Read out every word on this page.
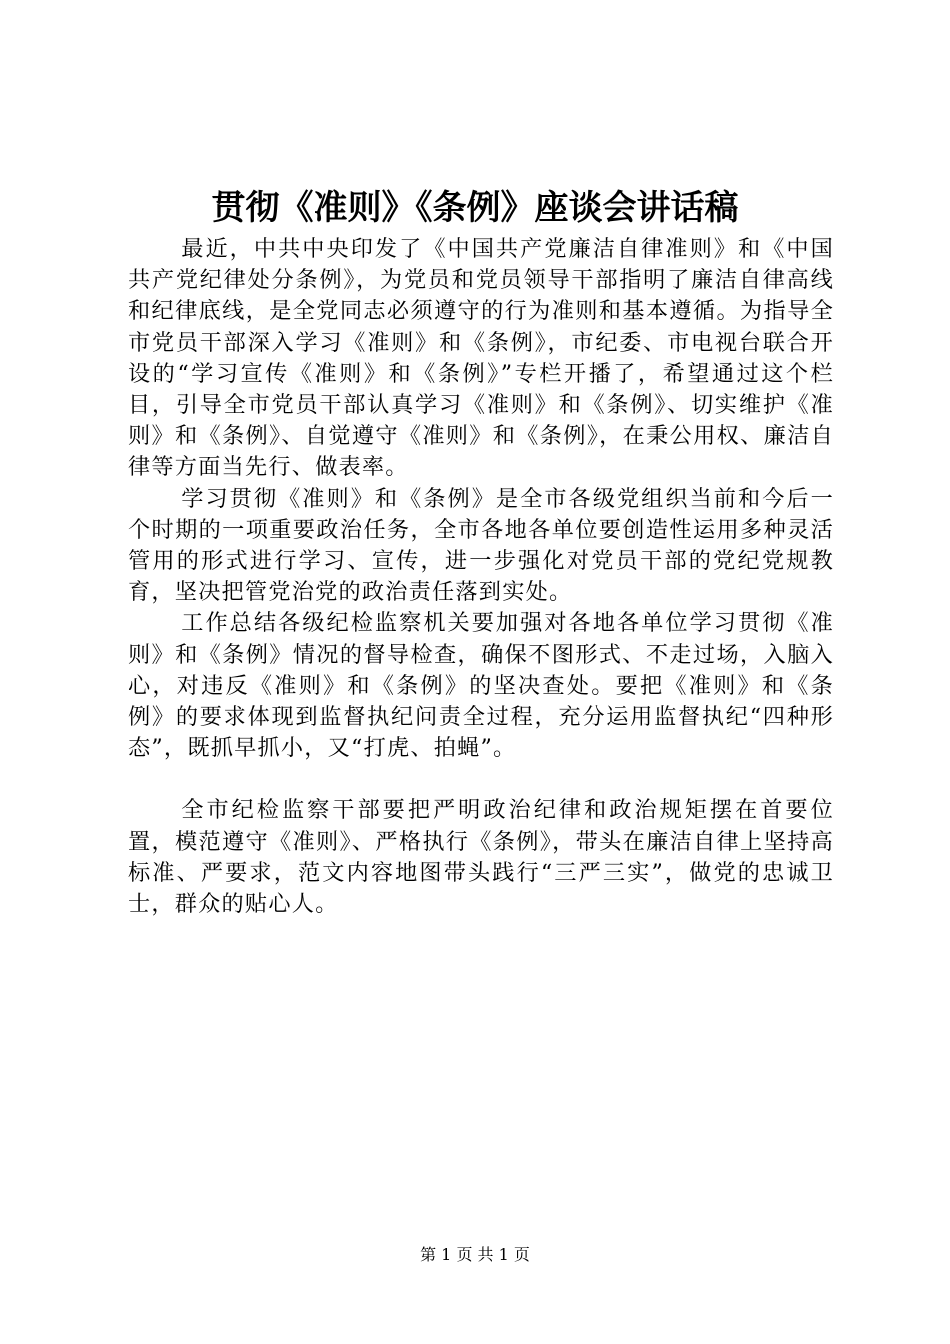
贯彻《准则》《条例》座谈会讲话稿

最近，中共中央印发了《中国共产党廉洁自律准则》和《中国共产党纪律处分条例》，为党员和党员领导干部指明了廉洁自律高线和纪律底线，是全党同志必须遵守的行为准则和基本遵循。为指导全市党员干部深入学习《准则》和《条例》，市纪委、市电视台联合开设的“学习宣传《准则》和《条例》”专栏开播了，希望通过这个栏目，引导全市党员干部认真学习《准则》和《条例》、切实维护《准则》和《条例》、自觉遵守《准则》和《条例》，在秉公用权、廉洁自律等方面当先行、做表率。

学习贯彻《准则》和《条例》是全市各级党组织当前和今后一个时期的一项重要政治任务，全市各地各单位要创造性运用多种灵活管用的形式进行学习、宣传，进一步强化对党员干部的党纪党规教育，坚决把管党治党的政治责任落到实处。

工作总结各级纪检监察机关要加强对各地各单位学习贯彻《准则》和《条例》情况的督导检查，确保不图形式、不走过场，入脑入心，对违反《准则》和《条例》的坚决查处。要把《准则》和《条例》的要求体现到监督执纪问责全过程，充分运用监督执纪“四种形态”，既抓早抓小，又“打虎、拍蝇”。

全市纪检监察干部要把严明政治纪律和政治规矩摆在首要位置，模范遵守《准则》、严格执行《条例》，带头在廉洁自律上坚持高标准、严要求，范文内容地图带头践行“三严三实”，做党的忠诚卫士，群众的贴心人。

第 1 页 共 1 页
